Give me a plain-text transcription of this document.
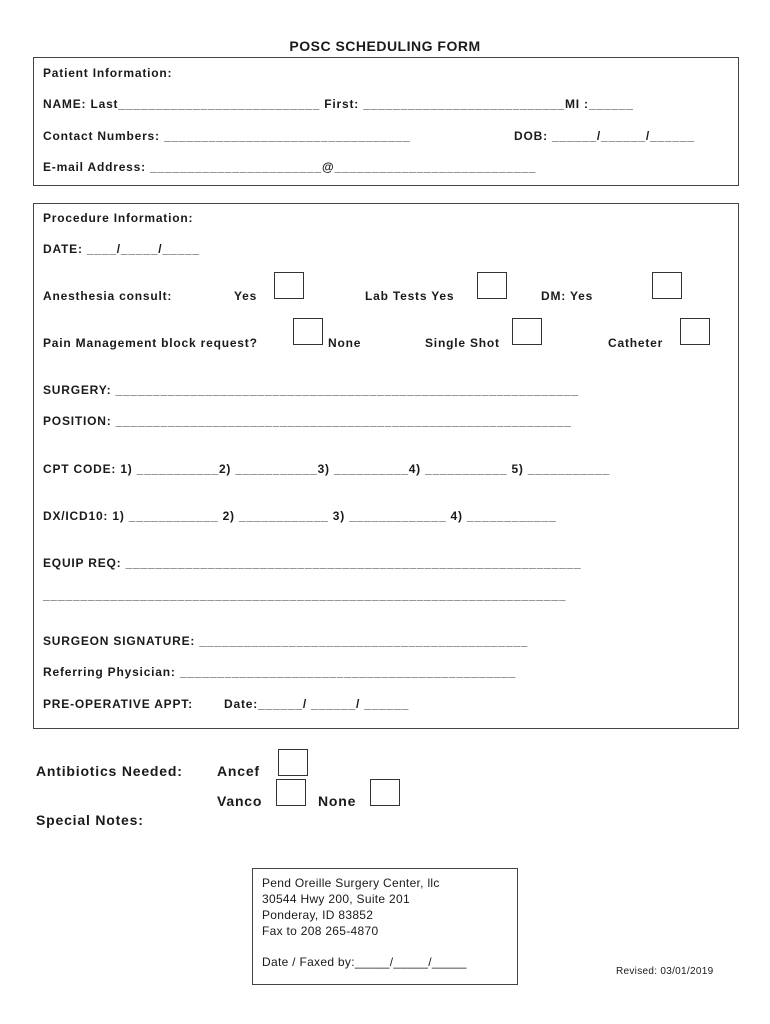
POSC SCHEDULING FORM
Patient Information:
NAME: Last___________________________ First: ___________________________MI :______
Contact Numbers: _________________________________	DOB: ______/______/______
E-mail Address: _______________________@___________________________
Procedure Information:
DATE: ____/_____/_____
Anesthesia consult:	Yes	Lab Tests Yes	DM: Yes
Pain Management block request?	None	Single Shot	Catheter
SURGERY: ______________________________________________________________
POSITION: _____________________________________________________________
CPT CODE: 1) ___________2) ___________3) __________4) ___________ 5) ___________
DX/ICD10: 1) ____________ 2) ____________ 3) _____________ 4) ____________
EQUIP REQ: _____________________________________________________________
______________________________________________________________________
SURGEON SIGNATURE: ____________________________________________
Referring Physician: _____________________________________________
PRE-OPERATIVE APPT:	Date:______/ ______/ ______
Antibiotics Needed: Ancef
Vanco	None
Special Notes:
Pend Oreille Surgery Center, llc
30544 Hwy 200, Suite 201
Ponderay, ID 83852
Fax to 208 265-4870
Date / Faxed by:_____/_____/_____
Revised: 03/01/2019
